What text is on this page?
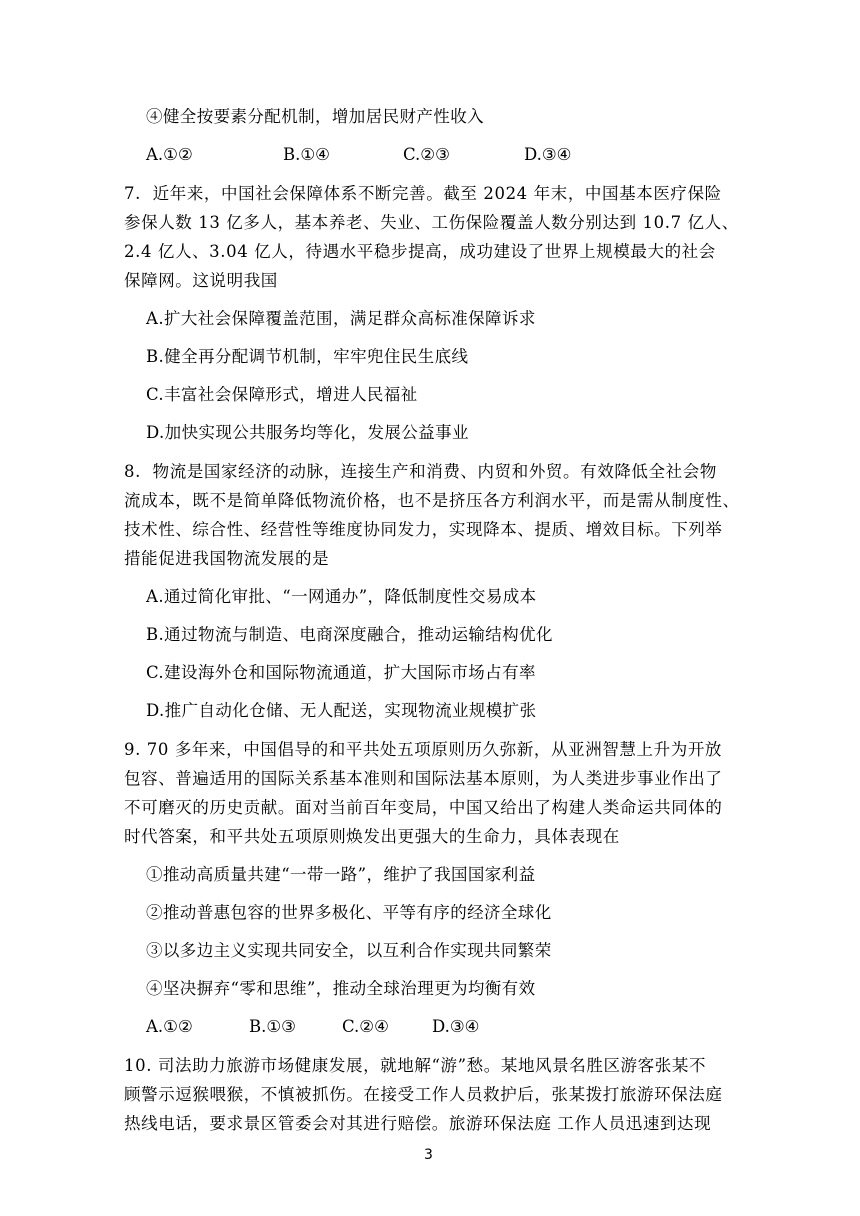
④健全按要素分配机制，增加居民财产性收入
A.①②	B.①④	C.②③	D.③④
7.  近年来，中国社会保障体系不断完善。截至 2024 年末，中国基本医疗保险
参保人数 13 亿多人，基本养老、失业、工伤保险覆盖人数分别达到 10.7 亿人、
2.4 亿人、3.04 亿人，待遇水平稳步提高，成功建设了世界上规模最大的社会
保障网。这说明我国
A.扩大社会保障覆盖范围，满足群众高标准保障诉求
B.健全再分配调节机制，牢牢兜住民生底线
C.丰富社会保障形式，增进人民福祉
D.加快实现公共服务均等化，发展公益事业
8.  物流是国家经济的动脉，连接生产和消费、内贸和外贸。有效降低全社会物
流成本，既不是简单降低物流价格，也不是挤压各方利润水平，而是需从制度性、
技术性、综合性、经营性等维度协同发力，实现降本、提质、增效目标。下列举
措能促进我国物流发展的是
A.通过简化审批、“一网通办”，降低制度性交易成本
B.通过物流与制造、电商深度融合，推动运输结构优化
C.建设海外仓和国际物流通道，扩大国际市场占有率
D.推广自动化仓储、无人配送，实现物流业规模扩张
9. 70 多年来，中国倡导的和平共处五项原则历久弥新，从亚洲智慧上升为开放
包容、普遍适用的国际关系基本准则和国际法基本原则，为人类进步事业作出了
不可磨灭的历史贡献。面对当前百年变局，中国又给出了构建人类命运共同体的
时代答案，和平共处五项原则焕发出更强大的生命力，具体表现在
①推动高质量共建“一带一路”，维护了我国国家利益
②推动普惠包容的世界多极化、平等有序的经济全球化
③以多边主义实现共同安全，以互利合作实现共同繁荣
④坚决摒弃“零和思维”，推动全球治理更为均衡有效
A.①②	B.①③	C.②④	D.③④
10. 司法助力旅游市场健康发展，就地解“游”愁。某地风景名胜区游客张某不
顾警示逗猴喂猴，不慎被抓伤。在接受工作人员救护后，张某拨打旅游环保法庭
热线电话，要求景区管委会对其进行赔偿。旅游环保法庭 工作人员迅速到达现
3
